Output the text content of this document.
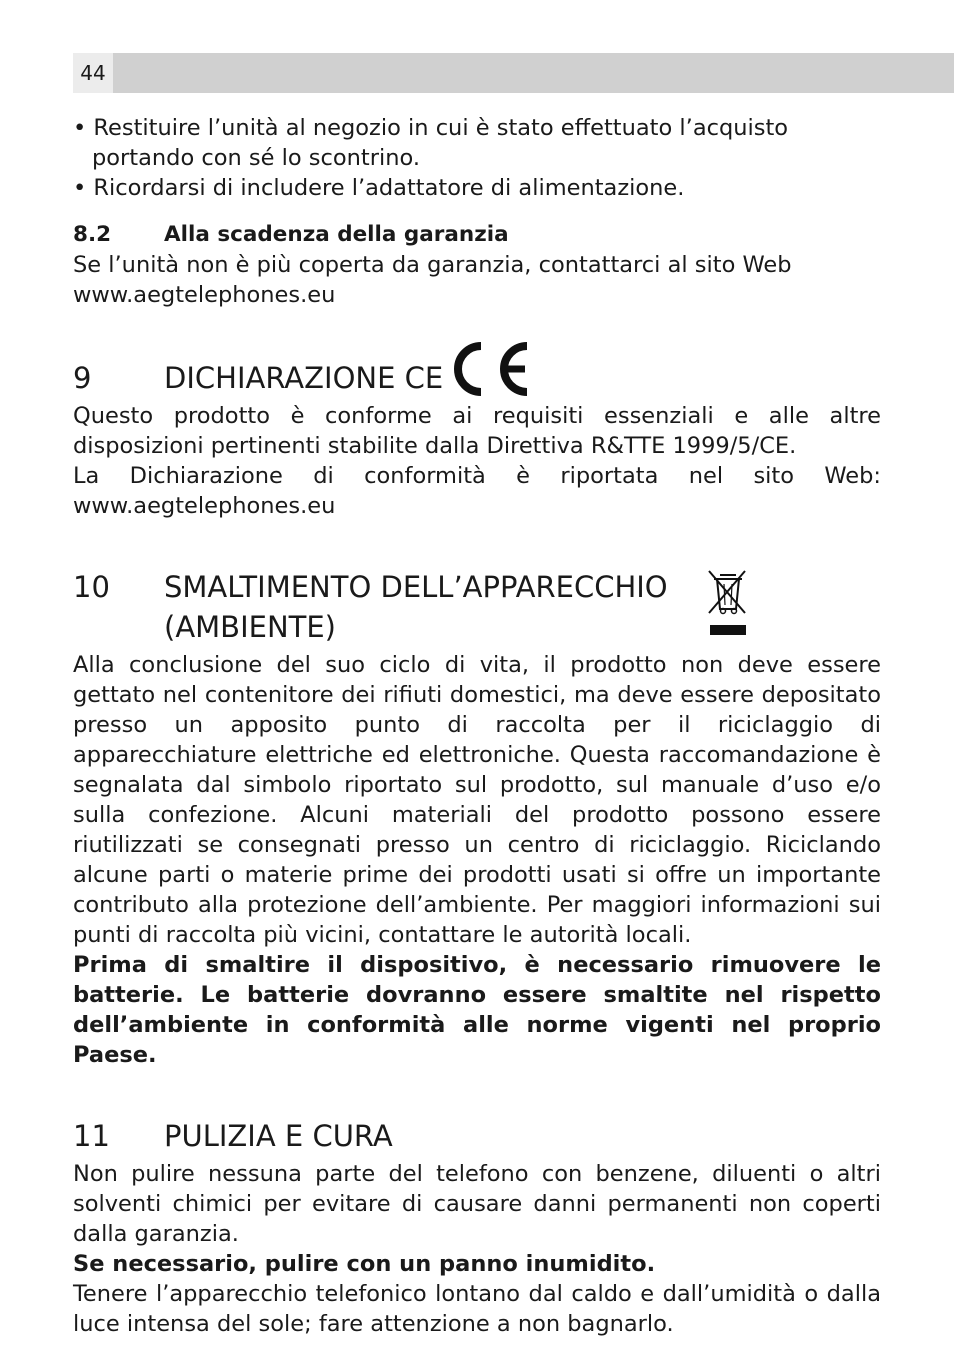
44

• Restituire l’unità al negozio in cui è stato effettuato l’acquisto portando con sé lo scontrino.

• Ricordarsi di includere l’adattatore di alimentazione.

8.2	Alla scadenza della garanzia

Se l’unità non è più coperta da garanzia, contattarci al sito Web

www.aegtelephones.eu

9	DICHIARAZIONE CE

Questo prodotto è conforme ai requisiti essenziali e alle altre disposizioni pertinenti stabilite dalla Direttiva R&TTE 1999/5/CE.

La Dichiarazione di conformità è riportata nel sito Web: www.aegtelephones.eu

10	SMALTIMENTO DELL’APPARECCHIO
(AMBIENTE)

Alla conclusione del suo ciclo di vita, il prodotto non deve essere gettato nel contenitore dei rifiuti domestici, ma deve essere depositato presso un apposito punto di raccolta per il riciclaggio di apparecchiature elettriche ed elettroniche. Questa raccomandazione è segnalata dal simbolo riportato sul prodotto, sul manuale d’uso e/o sulla confezione. Alcuni materiali del prodotto possono essere riutilizzati se consegnati presso un centro di riciclaggio. Riciclando alcune parti o materie prime dei prodotti usati si offre un importante contributo alla protezione dell’ambiente. Per maggiori informazioni sui punti di raccolta più vicini, contattare le autorità locali.

Prima di smaltire il dispositivo, è necessario rimuovere le batterie. Le batterie dovranno essere smaltite nel rispetto dell’ambiente in conformità alle norme vigenti nel proprio Paese.

11	PULIZIA E CURA

Non pulire nessuna parte del telefono con benzene, diluenti o altri solventi chimici per evitare di causare danni permanenti non coperti dalla garanzia.

Se necessario, pulire con un panno inumidito.

Tenere l’apparecchio telefonico lontano dal caldo e dall’umidità o dalla luce intensa del sole; fare attenzione a non bagnarlo.
